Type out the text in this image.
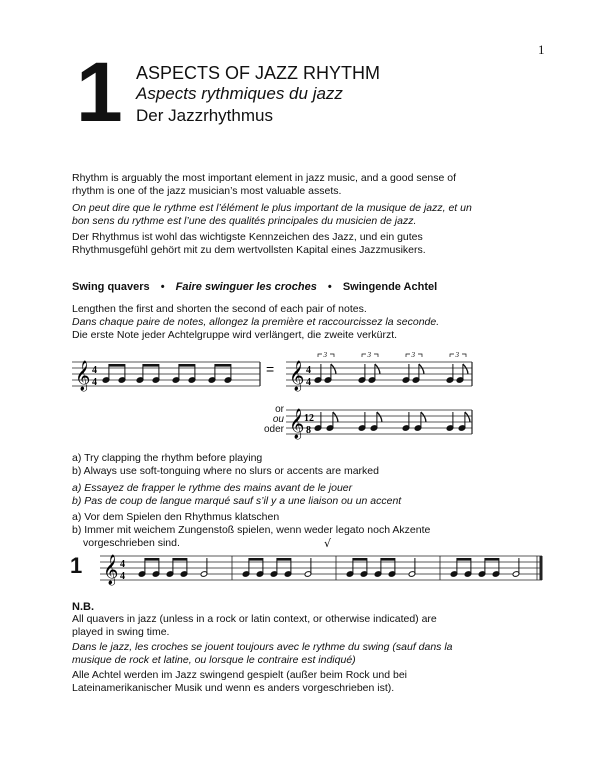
1
1 ASPECTS OF JAZZ RHYTHM
Aspects rythmiques du jazz
Der Jazzrhythmus
Rhythm is arguably the most important element in jazz music, and a good sense of
rhythm is one of the jazz musician’s most valuable assets.
On peut dire que le rythme est l’élément le plus important de la musique de jazz, et un
bon sens du rythme est l’une des qualités principales du musicien de jazz.
Der Rhythmus ist wohl das wichtigste Kennzeichen des Jazz, und ein gutes
Rhythmusgefühl gehört mit zu dem wertvollsten Kapital eines Jazzmusikers.
Swing quavers • Faire swinguer les croches • Swingende Achtel
Lengthen the first and shorten the second of each pair of notes.
Dans chaque paire de notes, allongez la première et raccourcissez la seconde.
Die erste Note jeder Achtelgruppe wird verlängert, die zweite verkürzt.
𝄞 4
4
= 𝄞 4
4
3	3	3	3
or
ou
oder 𝄞 12
8
a) Try clapping the rhythm before playing
b) Always use soft-tonguing where no slurs or accents are marked
a) Essayez de frapper le rythme des mains avant de le jouer
b) Pas de coup de langue marqué sauf s’il y a une liaison ou un accent
a) Vor dem Spielen den Rhythmus klatschen
b) Immer mit weichem Zungenstoß spielen, wenn weder legato noch Akzente
vorgeschrieben sind.
1 𝄞 4
4
√
N.B.
All quavers in jazz (unless in a rock or latin context, or otherwise indicated) are
played in swing time.
Dans le jazz, les croches se jouent toujours avec le rythme du swing (sauf dans la
musique de rock et latine, ou lorsque le contraire est indiqué)
Alle Achtel werden im Jazz swingend gespielt (außer beim Rock und bei
Lateinamerikanischer Musik und wenn es anders vorgeschrieben ist).
